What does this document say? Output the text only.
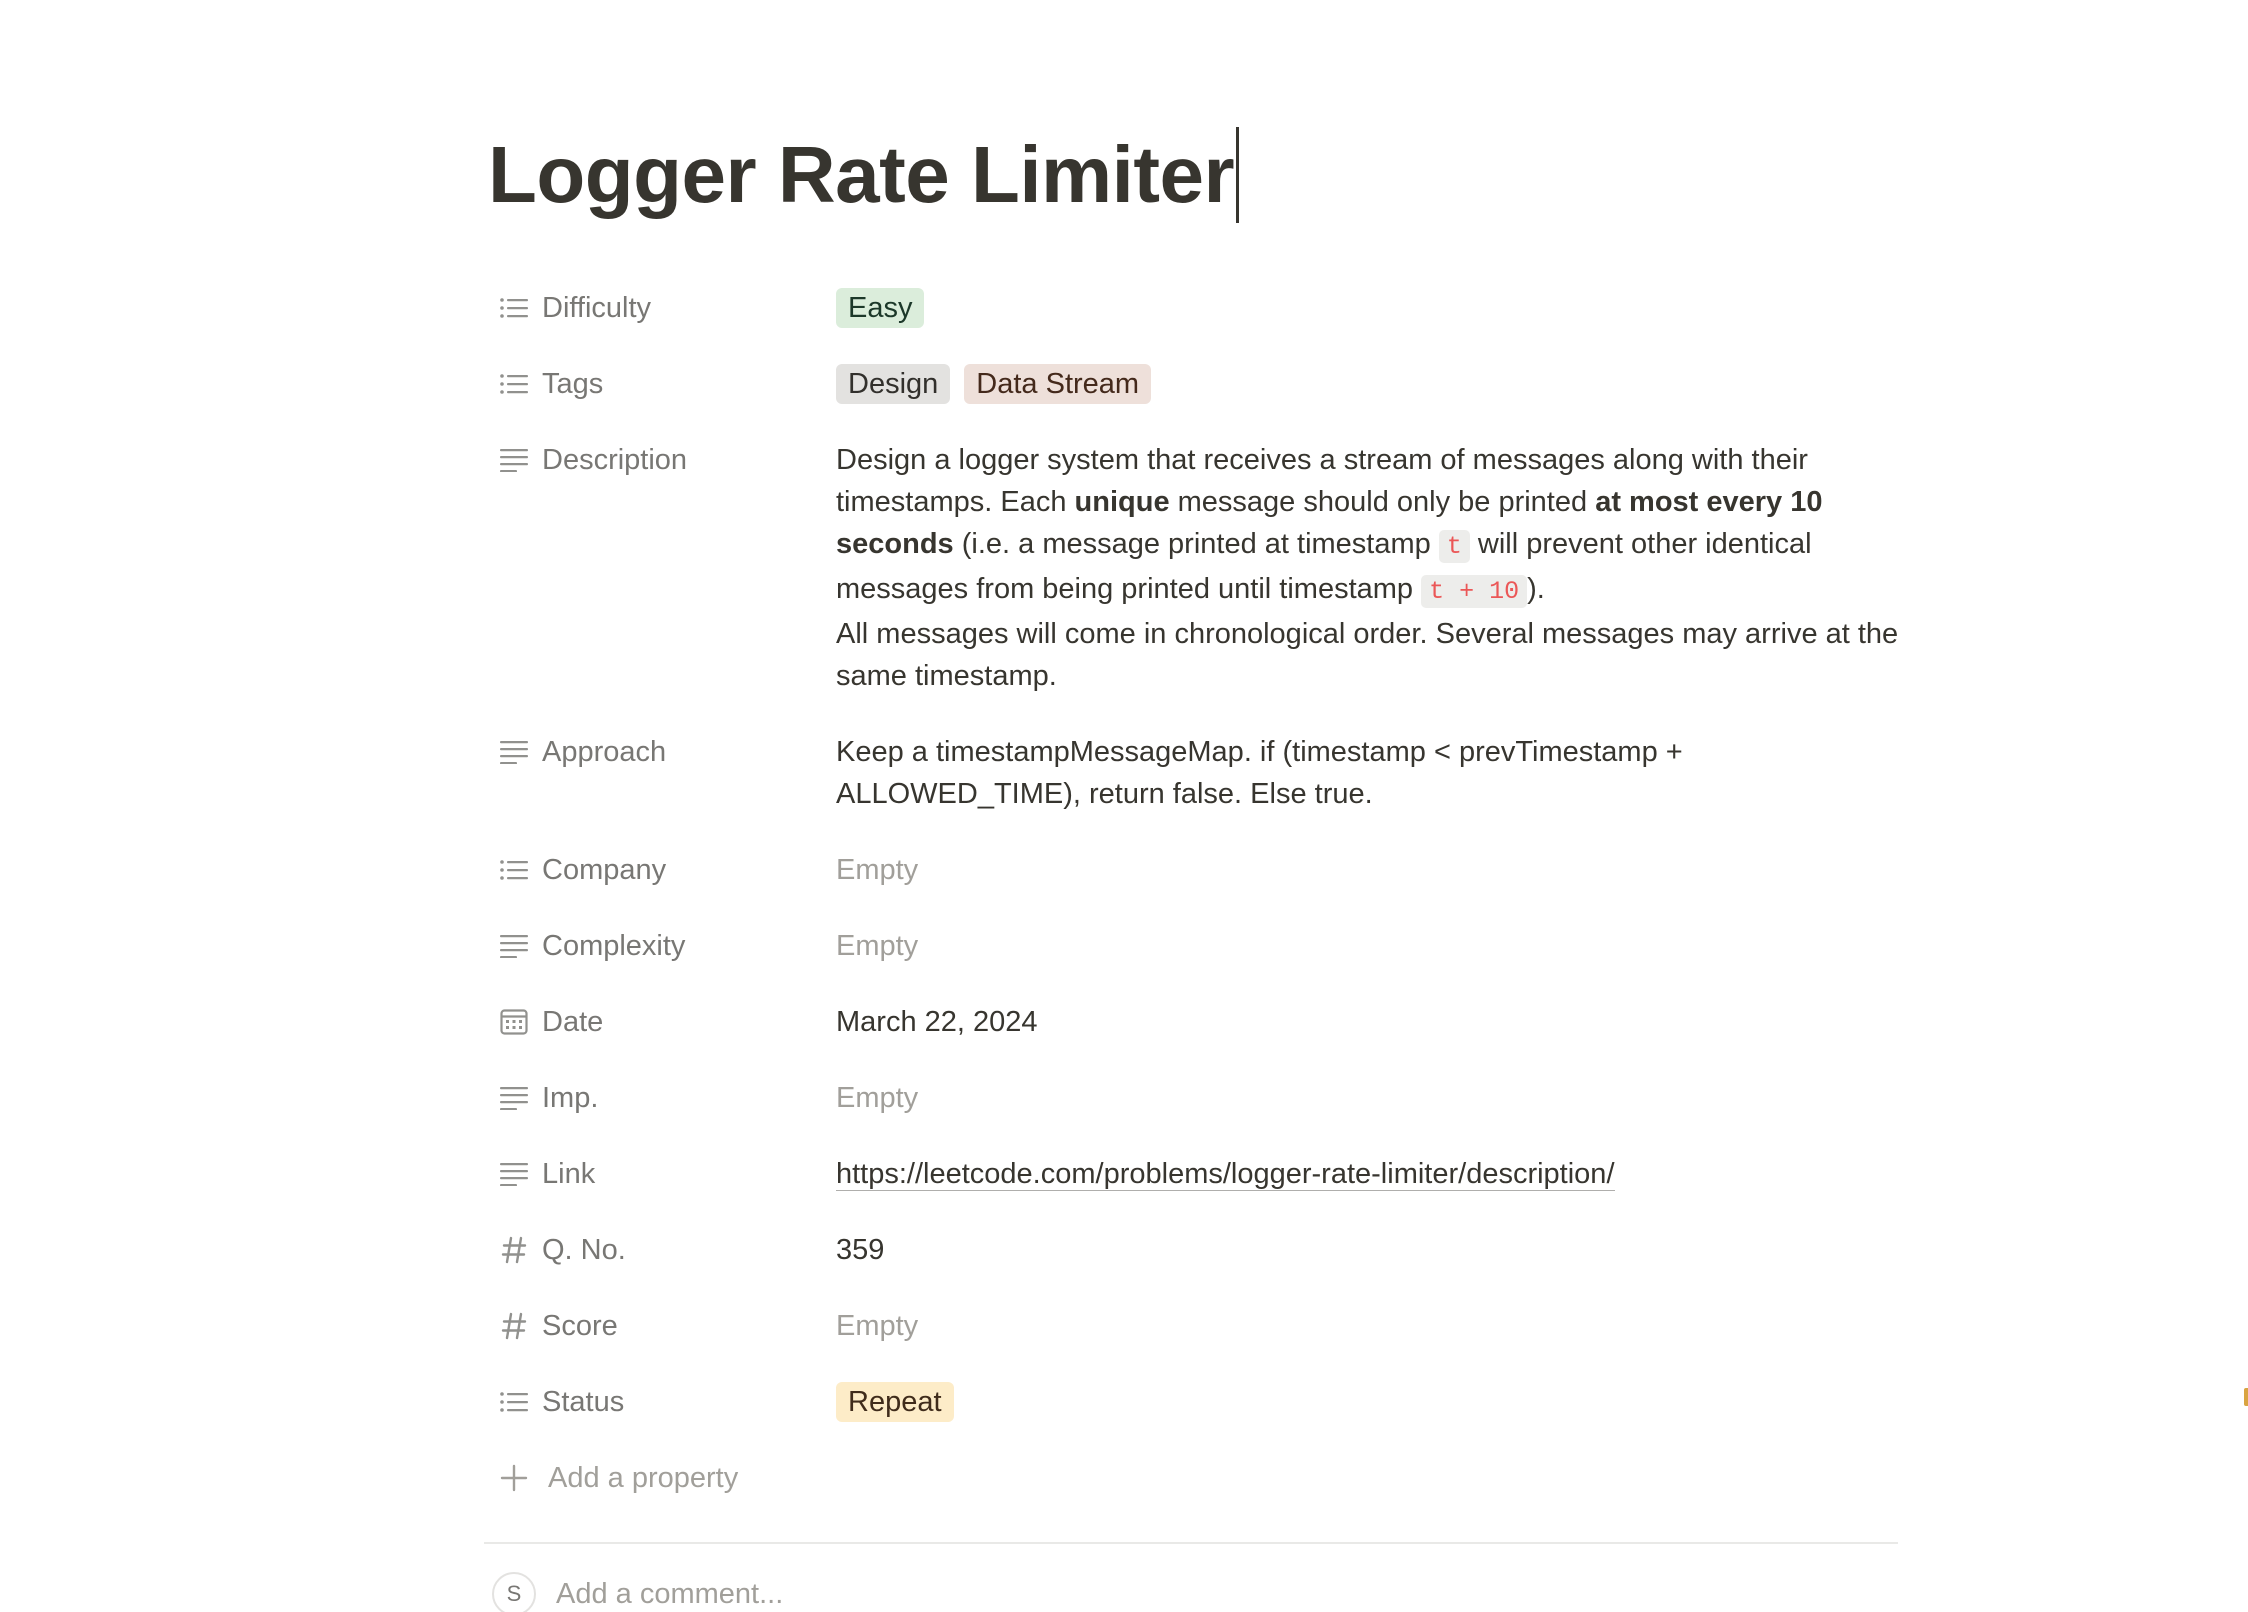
Logger Rate Limiter
Difficulty	Easy
Tags	Design	Data Stream
Description	Design a logger system that receives a stream of messages along with their timestamps. Each unique message should only be printed at most every 10 seconds (i.e. a message printed at timestamp t will prevent other identical messages from being printed until timestamp t + 10 ).
All messages will come in chronological order. Several messages may arrive at the same timestamp.
Approach	Keep a timestampMessageMap. if (timestamp < prevTimestamp + ALLOWED_TIME), return false. Else true.
Company	Empty
Complexity	Empty
Date	March 22, 2024
Imp.	Empty
Link	https://leetcode.com/problems/logger-rate-limiter/description/
Q. No.	359
Score	Empty
Status	Repeat
Add a property
S
Add a comment...
